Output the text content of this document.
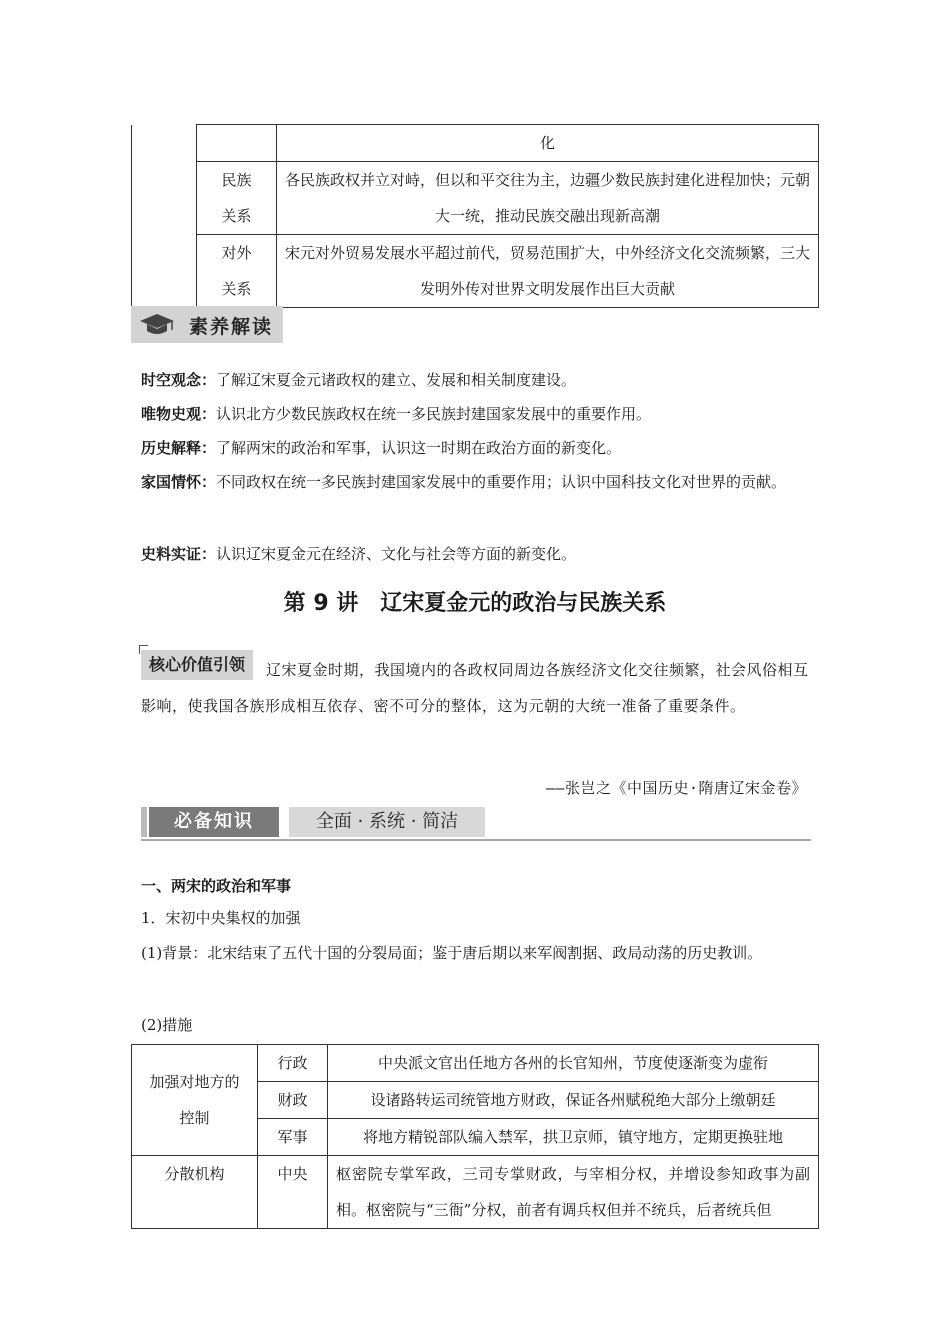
		化
	民族关系	各民族政权并立对峙，但以和平交往为主，边疆少数民族封建化进程加快；元朝大一统，推动民族交融出现新高潮
	对外关系	宋元对外贸易发展水平超过前代，贸易范围扩大，中外经济文化交流频繁，三大发明外传对世界文明发展作出巨大贡献
素养解读
时空观念：了解辽宋夏金元诸政权的建立、发展和相关制度建设。
唯物史观：认识北方少数民族政权在统一多民族封建国家发展中的重要作用。
历史解释：了解两宋的政治和军事，认识这一时期在政治方面的新变化。
家国情怀：不同政权在统一多民族封建国家发展中的重要作用；认识中国科技文化对世界的贡献。
史料实证：认识辽宋夏金元在经济、文化与社会等方面的新变化。
第 9 讲　辽宋夏金元的政治与民族关系
核心价值引领	辽宋夏金时期，我国境内的各政权同周边各族经济文化交往频繁，社会风俗相互影响，使我国各族形成相互依存、密不可分的整体，这为元朝的大统一准备了重要条件。
——张岂之《中国历史·隋唐辽宋金卷》
必备知识	全面 · 系统 · 简洁
一、两宋的政治和军事
1．宋初中央集权的加强
(1)背景：北宋结束了五代十国的分裂局面；鉴于唐后期以来军阀割据、政局动荡的历史教训。
(2)措施
加强对地方的控制	行政	中央派文官出任地方各州的长官知州，节度使逐渐变为虚衔
	财政	设诸路转运司统管地方财政，保证各州赋税绝大部分上缴朝廷
	军事	将地方精锐部队编入禁军，拱卫京师，镇守地方，定期更换驻地
分散机构	中央	枢密院专掌军政，三司专掌财政，与宰相分权，并增设参知政事为副相。枢密院与“三衙”分权，前者有调兵权但并不统兵，后者统兵但
